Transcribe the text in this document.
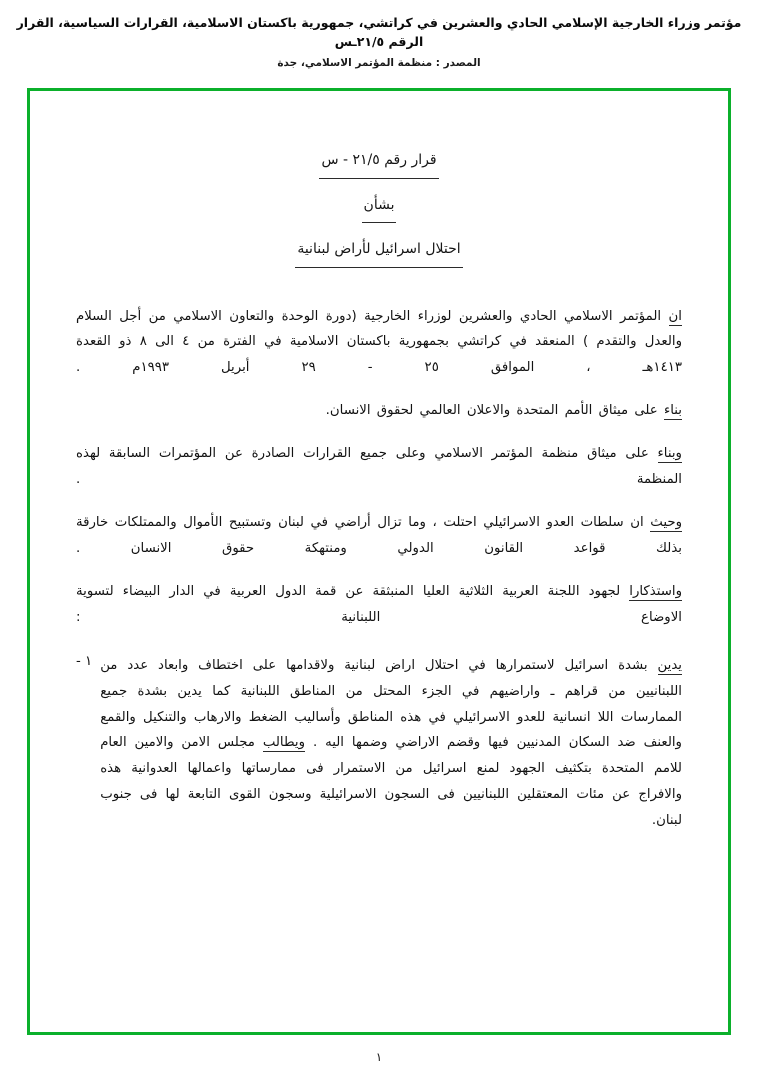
مؤتمر وزراء الخارجية الإسلامي الحادي والعشرين في كراتشي، جمهورية باكستان الاسلامية، القرارات السياسية، القرار الرقم ٢١/٥ـس
المصدر : منظمة المؤتمر الاسلامي، جدة
قرار رقم ٢١/٥ - س
بشأن
احتلال اسرائيل لأراض لبنانية

ان المؤتمر الاسلامي الحادي والعشرين لوزراء الخارجية (دورة الوحدة والتعاون الاسلامي من أجل السلام والعدل والتقدم ) المنعقد في كراتشي بجمهورية باكستان الاسلامية في الفترة من ٤ الى ٨ ذو القعدة ١٤١٣هـ ، الموافق ٢٥ - ٢٩ أبريل ١٩٩٣م .

بناء على ميثاق الأمم المتحدة والاعلان العالمي لحقوق الانسان.

وبناء على ميثاق منظمة المؤتمر الاسلامي وعلى جميع القرارات الصادرة عن المؤتمرات السابقة لهذه المنظمة .

وحيث ان سلطات العدو الاسرائيلي احتلت ، وما تزال أراضي في لبنان وتستبيح الأموال والممتلكات خارقة بذلك قواعد القانون الدولي ومنتهكة حقوق الانسان .

واستذكارا لجهود اللجنة العربية الثلاثية العليا المنبثقة عن قمة الدول العربية في الدار البيضاء لتسوية الاوضاع اللبنانية :

١ -	يدين بشدة اسرائيل لاستمرارها في احتلال اراض لبنانية ولاقدامها على اختطاف وابعاد عدد من اللبنانيين من قراهم ـ واراضيهم في الجزء المحتل من المناطق اللبنانية كما يدين بشدة جميع الممارسات اللا انسانية للعدو الاسرائيلي في هذه المناطق وأساليب الضغط والارهاب والتنكيل والقمع والعنف ضد السكان المدنيين فيها وقضم الاراضي وضمها اليه . ويطالب مجلس الامن والامين العام للامم المتحدة بتكثيف الجهود لمنع اسرائيل من الاستمرار فى ممارساتها واعمالها العدوانية هذه والافراج عن مئات المعتقلين اللبنانيين فى السجون الاسرائيلية وسجون القوى التابعة لها فى جنوب لبنان.

١
